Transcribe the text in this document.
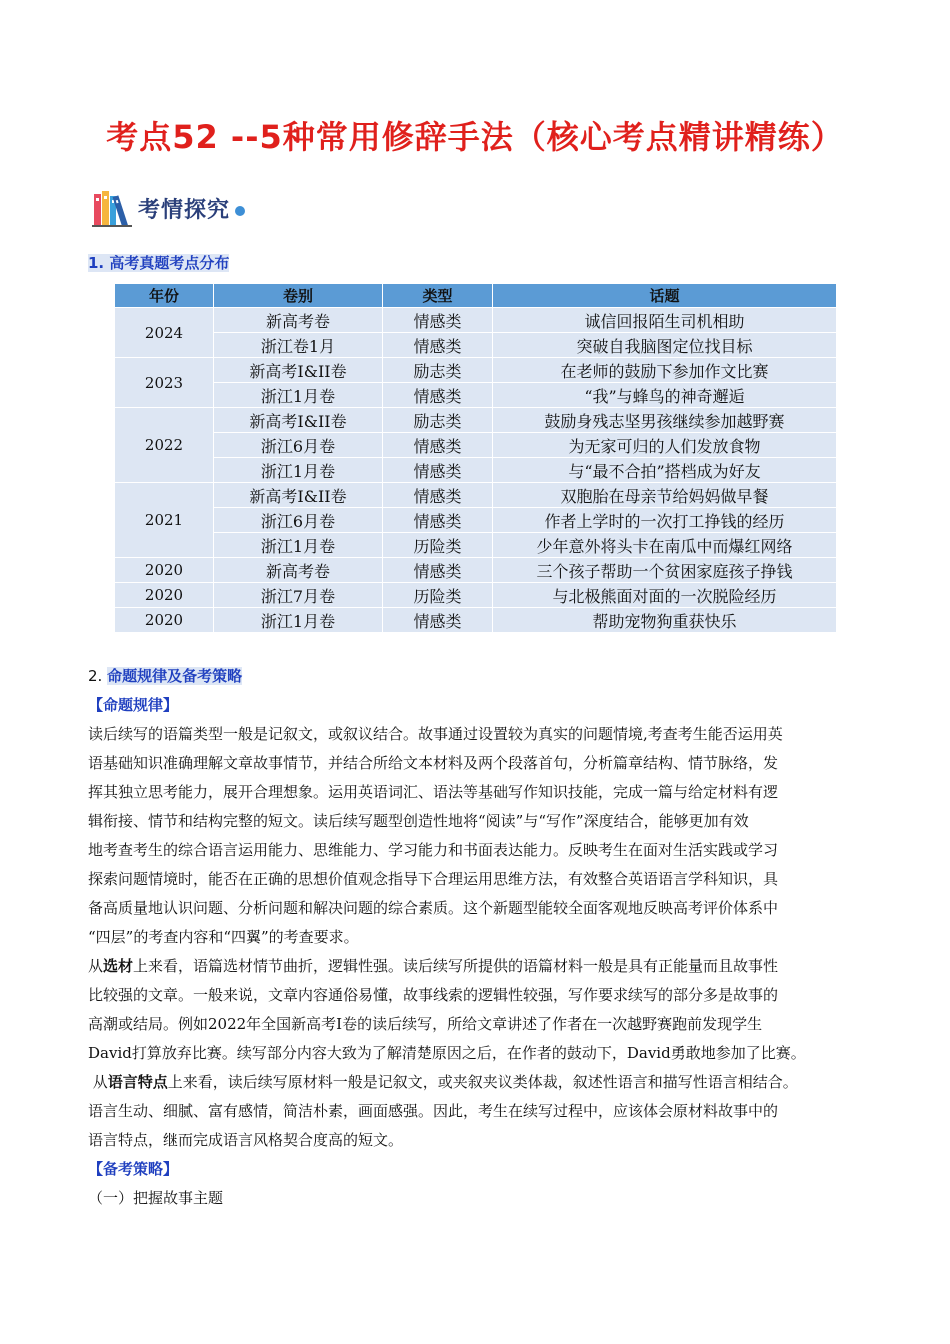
考点52 --5种常用修辞手法（核心考点精讲精练）
考情探究
1. 高考真题考点分布
年份	卷别	类型	话题
2024	新高考卷	情感类	诚信回报陌生司机相助
	浙江卷1月	情感类	突破自我脑图定位找目标
2023	新高考I&II卷	励志类	在老师的鼓励下参加作文比赛
	浙江1月卷	情感类	“我”与蜂鸟的神奇邂逅
2022	新高考I&II卷	励志类	鼓励身残志坚男孩继续参加越野赛
	浙江6月卷	情感类	为无家可归的人们发放食物
	浙江1月卷	情感类	与“最不合拍”搭档成为好友
2021	新高考I&II卷	情感类	双胞胎在母亲节给妈妈做早餐
	浙江6月卷	情感类	作者上学时的一次打工挣钱的经历
	浙江1月卷	历险类	少年意外将头卡在南瓜中而爆红网络
2020	新高考卷	情感类	三个孩子帮助一个贫困家庭孩子挣钱
2020	浙江7月卷	历险类	与北极熊面对面的一次脱险经历
2020	浙江1月卷	情感类	帮助宠物狗重获快乐

2. 命题规律及备考策略

【命题规律】

读后续写的语篇类型一般是记叙文，或叙议结合。故事通过设置较为真实的问题情境,考查考生能否运用英
语基础知识准确理解文章故事情节，并结合所给文本材料及两个段落首句，分析篇章结构、情节脉络，发
挥其独立思考能力，展开合理想象。运用英语词汇、语法等基础写作知识技能，完成一篇与给定材料有逻
辑衔接、情节和结构完整的短文。读后续写题型创造性地将“阅读”与“写作”深度结合，能够更加有效
地考查考生的综合语言运用能力、思维能力、学习能力和书面表达能力。反映考生在面对生活实践或学习
探索问题情境时，能否在正确的思想价值观念指导下合理运用思维方法，有效整合英语语言学科知识，具
备高质量地认识问题、分析问题和解决问题的综合素质。这个新题型能较全面客观地反映高考评价体系中
“四层”的考查内容和“四翼”的考查要求。

从选材上来看，语篇选材情节曲折，逻辑性强。读后续写所提供的语篇材料一般是具有正能量而且故事性
比较强的文章。一般来说，文章内容通俗易懂，故事线索的逻辑性较强，写作要求续写的部分多是故事的
高潮或结局。例如2022年全国新高考I卷的读后续写，所给文章讲述了作者在一次越野赛跑前发现学生
David打算放弃比赛。续写部分内容大致为了解清楚原因之后，在作者的鼓动下，David勇敢地参加了比赛。

从语言特点上来看，读后续写原材料一般是记叙文，或夹叙夹议类体裁，叙述性语言和描写性语言相结合。
语言生动、细腻、富有感情，简洁朴素，画面感强。因此，考生在续写过程中，应该体会原材料故事中的
语言特点，继而完成语言风格契合度高的短文。

【备考策略】

（一）把握故事主题
